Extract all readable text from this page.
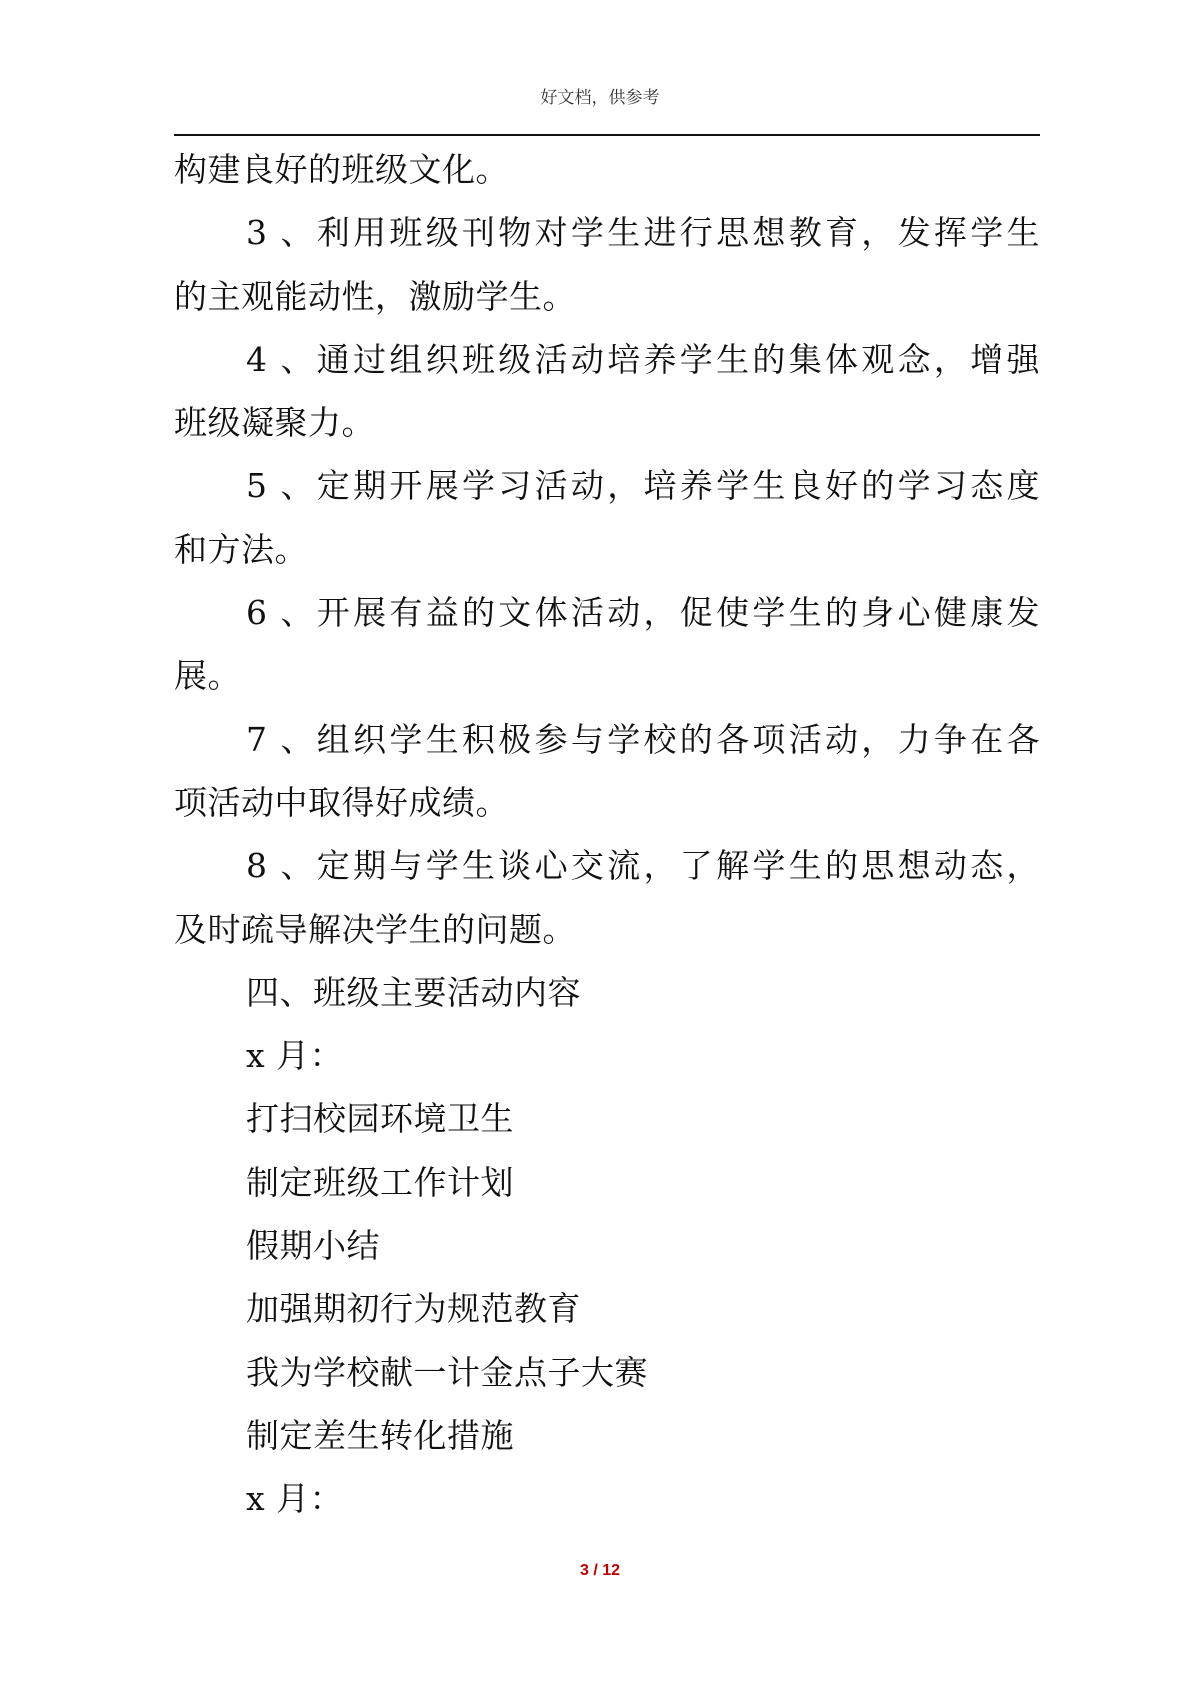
好文档，供参考
构建良好的班级文化。
3、利用班级刊物对学生进行思想教育，发挥学生
的主观能动性，激励学生。
4、通过组织班级活动培养学生的集体观念，增强
班级凝聚力。
5、定期开展学习活动，培养学生良好的学习态度
和方法。
6、开展有益的文体活动，促使学生的身心健康发
展。
7、组织学生积极参与学校的各项活动，力争在各
项活动中取得好成绩。
8、定期与学生谈心交流，了解学生的思想动态，
及时疏导解决学生的问题。
四、班级主要活动内容
x 月：
打扫校园环境卫生
制定班级工作计划
假期小结
加强期初行为规范教育
我为学校献一计金点子大赛
制定差生转化措施
x 月：
3 / 12
